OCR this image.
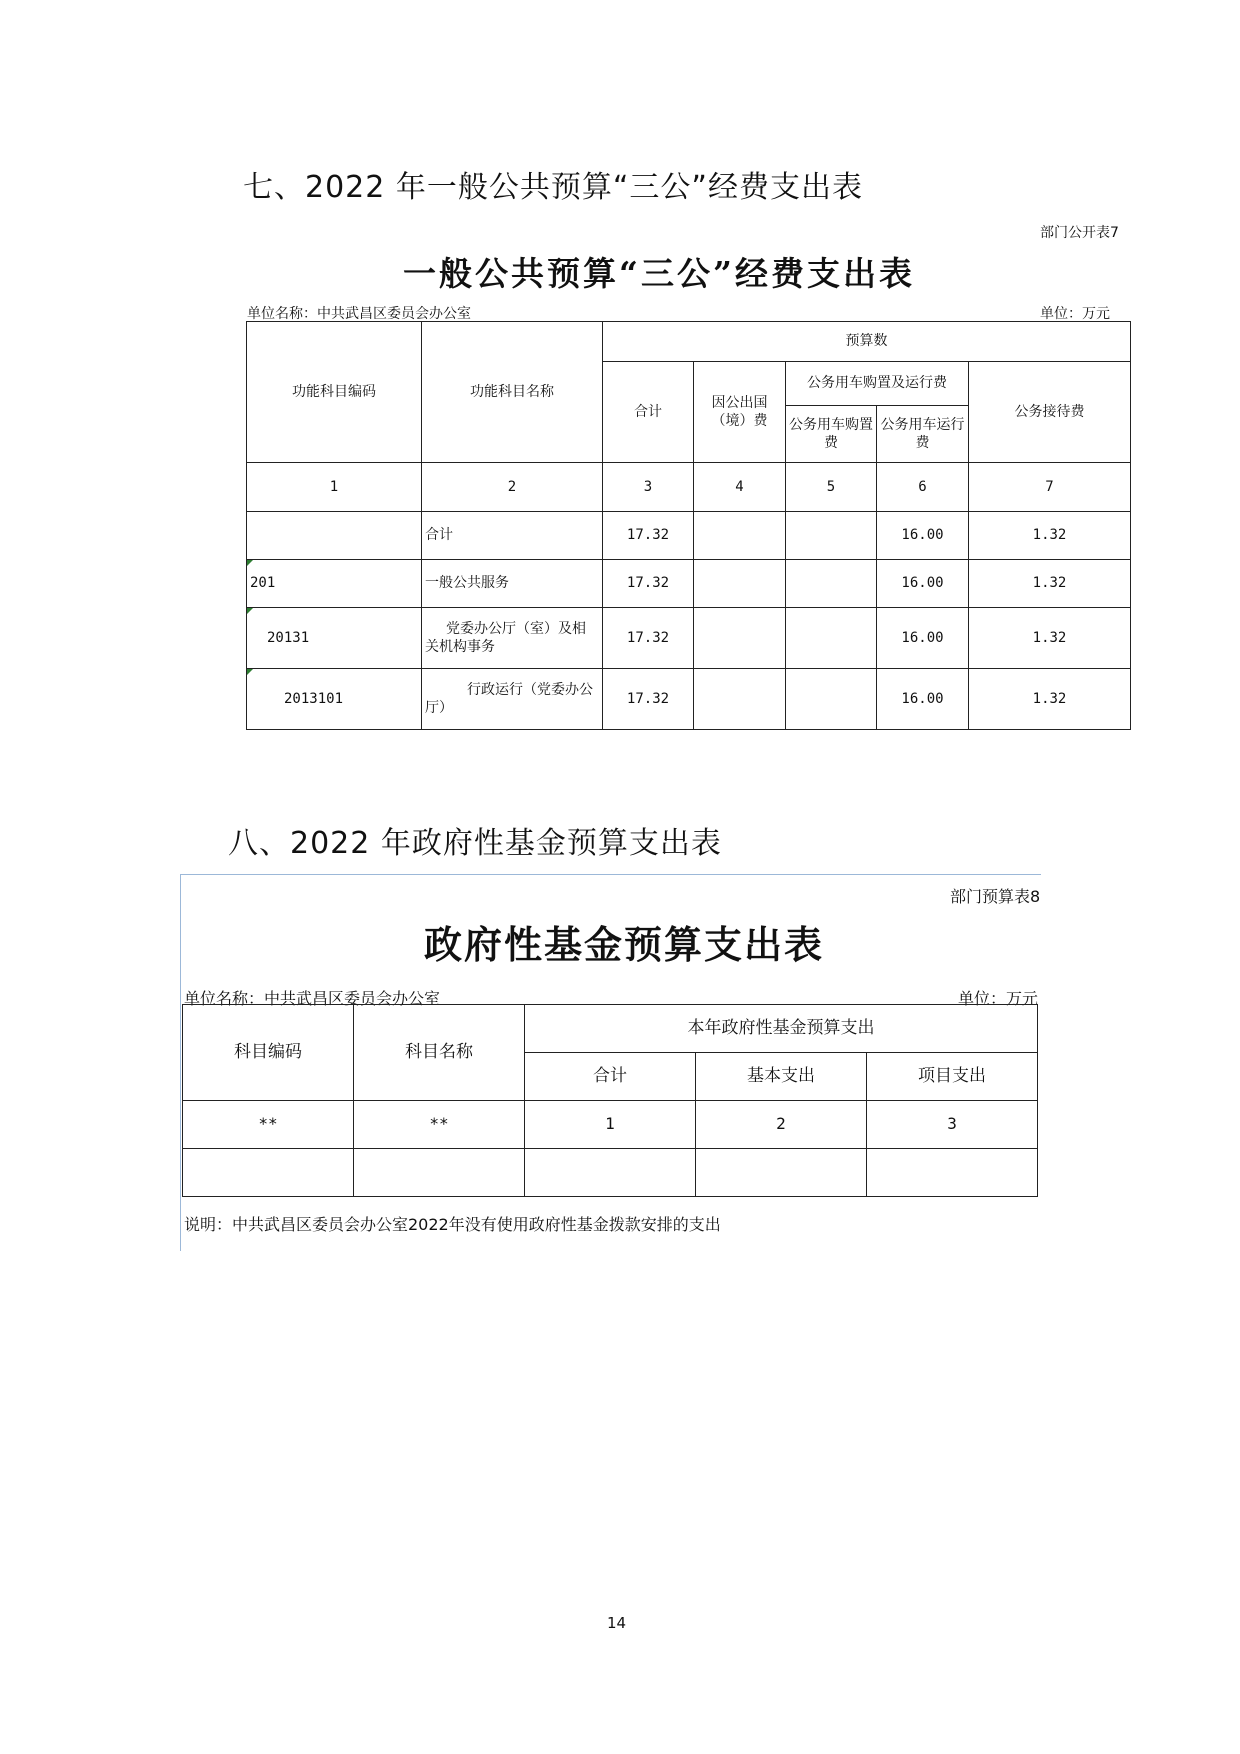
七、2022 年一般公共预算“三公”经费支出表
部门公开表7
一般公共预算“三公”经费支出表
单位名称：中共武昌区委员会办公室	单位：万元
功能科目编码	功能科目名称	预算数				
		合计	因公出国（境）费	公务用车购置及运行费		公务接待费
				公务用车购置费	公务用车运行费	
1	2	3	4	5	6	7
	合计	17.32			16.00	1.32

201	一般公共服务	17.32			16.00	1.32

20131	党委办公厅（室）及相关机构事务	17.32			16.00	1.32

2013101	行政运行（党委办公厅）	17.32			16.00	1.32
八、2022 年政府性基金预算支出表
部门预算表8
政府性基金预算支出表
单位名称：中共武昌区委员会办公室	单位：万元
科目编码	科目名称	本年政府性基金预算支出		
		合计	基本支出	项目支出
**	**	1	2	3

说明：中共武昌区委员会办公室2022年没有使用政府性基金拨款安排的支出
14
